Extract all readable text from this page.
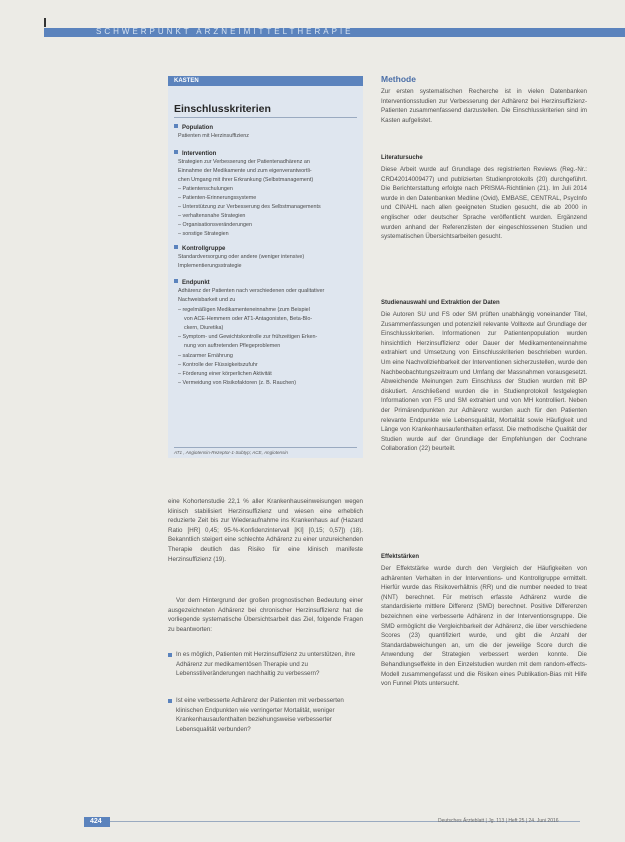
SCHWERPUNKT ARZNEIMITTELTHERAPIE
KASTEN
Einschlusskriterien
Population
Patienten mit Herzinsuffizienz
Intervention
Strategien zur Verbesserung der Patientenadhärenz an
Einnahme der Medikamente und zum eigenverantwortli-
chen Umgang mit ihrer Erkrankung (Selbstmanagement)
– Patientenschulungen
– Patienten-Erinnerungssysteme
– Unterstützung zur Verbesserung des Selbstmanagements
– verhaltensnahe Strategien
– Organisationsveränderungen
– sonstige Strategien
Kontrollgruppe
Standardversorgung oder andere (weniger intensive)
Implementierungsstrategie
Endpunkt
Adhärenz der Patienten nach verschiedenen oder qualitativer
Nachweisbarkeit und zu
– regelmäßigen Medikamenteneinnahme (zum Beispiel
von ACE-Hemmern oder AT1-Antagonisten, Beta-Blo-
ckern, Diuretika)
– Symptom- und Gewichtskontrolle zur frühzeitigen Erken-
nung von auftretenden Pflegeproblemen
– salzarmer Ernährung
– Kontrolle der Flüssigkeitszufuhr
– Förderung einer körperlichen Aktivität
– Vermeidung von Risikofaktoren (z. B. Rauchen)
AT1 , Angiotensin-Rezeptor-1-Subtyp; ACE, Angiotensin
Methode

Zur ersten systematischen Recherche ist in vielen Datenbanken Interventionsstudien zur Verbesserung der Adhärenz bei Herzinsuffizienz-Patienten zusammenfassend darzustellen. Die Einschlusskriterien sind im Kasten aufgelistet.

Literatursuche

Diese Arbeit wurde auf Grundlage des registrierten Reviews (Reg.-Nr.: CRD42014009477) und publizierten Studienprotokolls (20) durchgeführt. Die Berichterstattung erfolgte nach PRISMA-Richtlinien (21). Im Juli 2014 wurde in den Datenbanken Medline (Ovid), EMBASE, CENTRAL, PsycInfo und CINAHL nach allen geeigneten Studien gesucht, die ab 2000 in englischer oder deutscher Sprache veröffentlicht wurden. Ergänzend wurden anhand der Referenzlisten der eingeschlossenen Studien und systematischen Übersichtsarbeiten gesucht.

Studienauswahl und Extraktion der Daten

Die Autoren SU und FS oder SM prüften unabhängig voneinander Titel, Zusammenfassungen und potenziell relevante Volltexte auf Grundlage der Einschlusskriterien. Informationen zur Patientenpopulation wurden hinsichtlich Herzinsuffizienz oder Dauer der Medikamenteneinnahme extrahiert und Umsetzung von Einschlusskriterien beschrieben wurden. Um eine Nachvollziehbarkeit der Interventionen sicherzustellen, wurde den Nachbeobachtungszeitraum und Umfang der Massnahmen vorausgesetzt. Abweichende Meinungen zum Einschluss der Studien wurden mit BP diskutiert. Anschließend wurden die in Studienprotokoll festgelegten Informationen von FS und SM extrahiert und von MH kontrolliert. Neben der Primärendpunkten zur Adhärenz wurden auch für den Patienten relevante Endpunkte wie Lebensqualität, Mortalität sowie Häufigkeit und Länge von Krankenhausaufenthalten erfasst. Die methodische Qualität der Studien wurde auf der Grundlage der Empfehlungen der Cochrane Collaboration (22) beurteilt.

Effektstärken

Der Effektstärke wurde durch den Vergleich der Häufigkeiten von adhärenten Verhalten in der Interventions- und Kontrollgruppe ermittelt. Hierfür wurde das Risikoverhältnis (RR) und die number needed to treat (NNT) berechnet. Für metrisch erfasste Adhärenz wurde die standardisierte mittlere Differenz (SMD) berechnet. Positive Differenzen bezeichnen eine verbesserte Adhärenz in der Interventionsgruppe. Die SMD ermöglicht die Vergleichbarkeit der Adhärenz, die über verschiedene Scores (23) quantifiziert wurde, und gibt die Anzahl der Standardabweichungen an, um die der jeweilige Score durch die Anwendung der Strategien verbessert werden konnte. Die Behandlungseffekte in den Einzelstudien wurden mit dem random-effects-Modell zusammengefasst und die Risiken eines Publikation-Bias mit Hilfe von Funnel Plots untersucht.

eine Kohortenstudie 22,1 % aller Krankenhauseinweisungen wegen klinisch stabilisiert Herzinsuffizienz und wiesen eine erheblich reduzierte Zeit bis zur Wiederaufnahme ins Krankenhaus auf (Hazard Ratio [HR] 0,45; 95-%-Konfidenzintervall [KI] [0,15; 0,57]) (18). Bekanntlich steigert eine schlechte Adhärenz zu einer unzureichenden Therapie deutlich das Risiko für eine klinisch manifeste Herzinsuffizienz (19).

Vor dem Hintergrund der großen prognostischen Bedeutung einer ausgezeichneten Adhärenz bei chronischer Herzinsuffizienz hat die vorliegende systematische Übersichtsarbeit das Ziel, folgende Fragen zu beantworten:

In es möglich, Patienten mit Herzinsuffizienz zu unterstützen, ihre Adhärenz zur medikamentösen Therapie und zu Lebensstilveränderungen nachhaltig zu verbessern?
Ist eine verbesserte Adhärenz der Patienten mit verbesserten klinischen Endpunkten wie verringerter Mortalität, weniger Krankenhausaufenthalten beziehungsweise verbesserter Lebensqualität verbunden?
424	Deutsches Ärzteblatt | Jg. 113 | Heft 25 | 24. Juni 2016
